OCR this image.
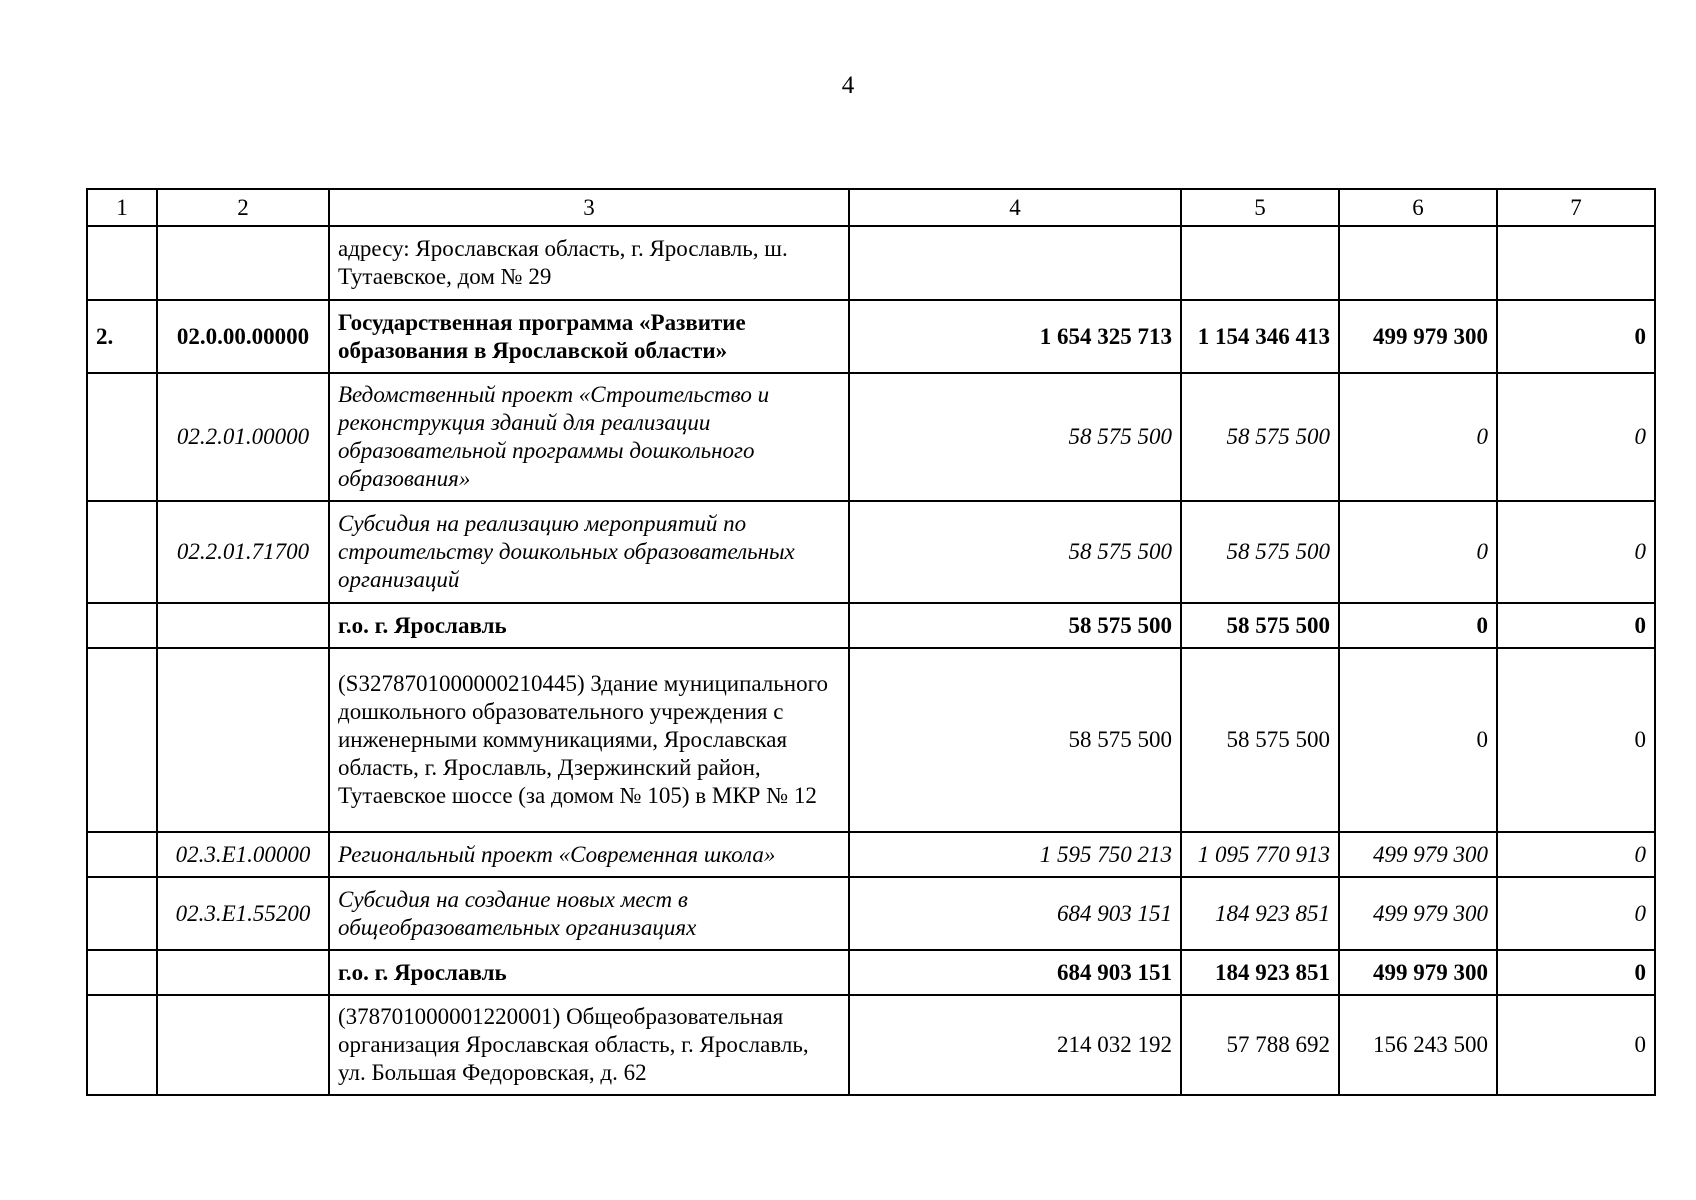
4
1	2	3	4	5	6	7
		адресу: Ярославская область, г. Ярославль, ш. Тутаевское, дом № 29				
2.	02.0.00.00000	Государственная программа «Развитие образования в Ярославской области»	1 654 325 713	1 154 346 413	499 979 300	0
	02.2.01.00000	Ведомственный проект «Строительство и реконструкция зданий для реализации образовательной программы дошкольного образования»	58 575 500	58 575 500	0	0
	02.2.01.71700	Субсидия на реализацию мероприятий по строительству дошкольных образовательных организаций	58 575 500	58 575 500	0	0
		г.о. г. Ярославль	58 575 500	58 575 500	0	0
		(S327870100000021044​5) Здание муниципального дошкольного образовательного учреждения с инженерными коммуникациями, Ярославская область, г. Ярославль, Дзержинский район, Тутаевское шоссе (за домом № 105) в МКР № 12	58 575 500	58 575 500	0	0
	02.3.E1.00000	Региональный проект «Современная школа»	1 595 750 213	1 095 770 913	499 979 300	0
	02.3.E1.55200	Субсидия на создание новых мест в общеобразовательных организациях	684 903 151	184 923 851	499 979 300	0
		г.о. г. Ярославль	684 903 151	184 923 851	499 979 300	0
		(378701000001220001) Общеобразовательная организация Ярославская область, г. Ярославль, ул. Большая Федоровская, д. 62	214 032 192	57 788 692	156 243 500	0
